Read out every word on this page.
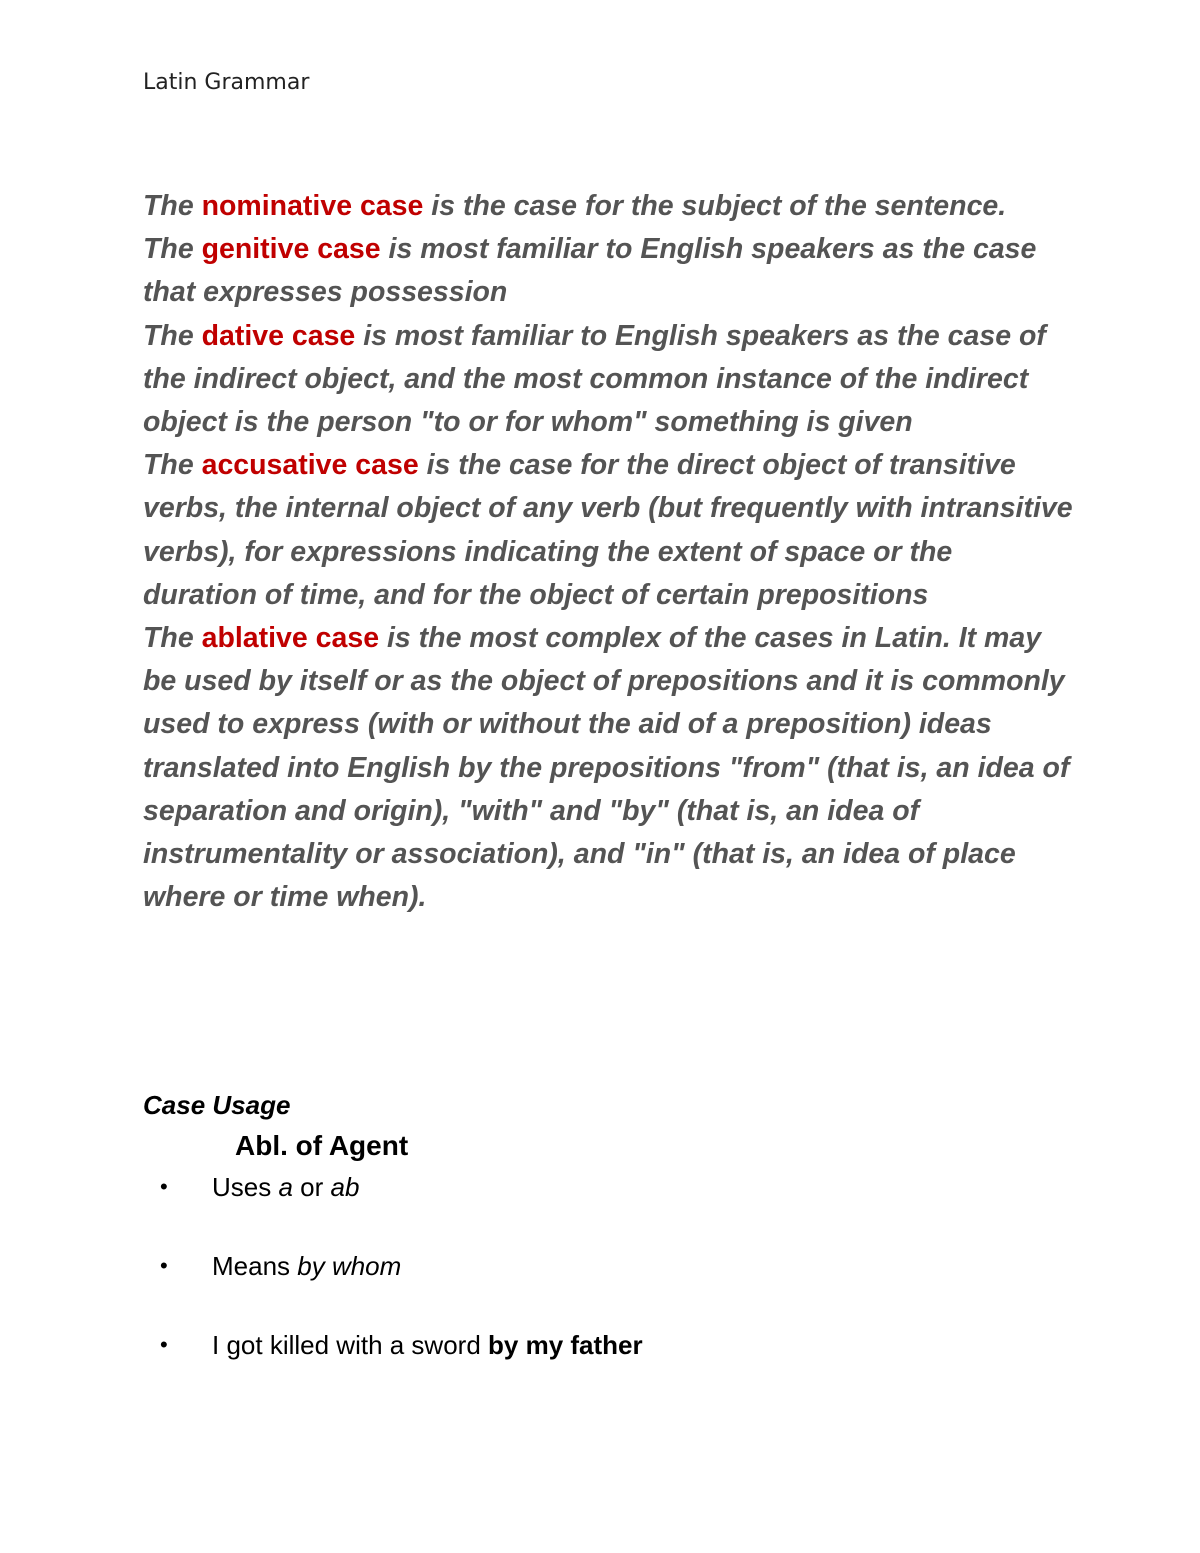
Latin Grammar

The nominative case is the case for the subject of the sentence.

The genitive case is most familiar to English speakers as the case that expresses possession

The dative case is most familiar to English speakers as the case of the indirect object, and the most common instance of the indirect object is the person "to or for whom" something is given

The accusative case is the case for the direct object of transitive verbs, the internal object of any verb (but frequently with intransitive verbs), for expressions indicating the extent of space or the duration of time, and for the object of certain prepositions

The ablative case is the most complex of the cases in Latin. It may be used by itself or as the object of prepositions and it is commonly used to express (with or without the aid of a preposition) ideas translated into English by the prepositions "from" (that is, an idea of separation and origin), "with" and "by" (that is, an idea of instrumentality or association), and "in" (that is, an idea of place where or time when).

Case Usage
Abl. of Agent
• Uses a or ab
• Means by whom
• I got killed with a sword by my father
